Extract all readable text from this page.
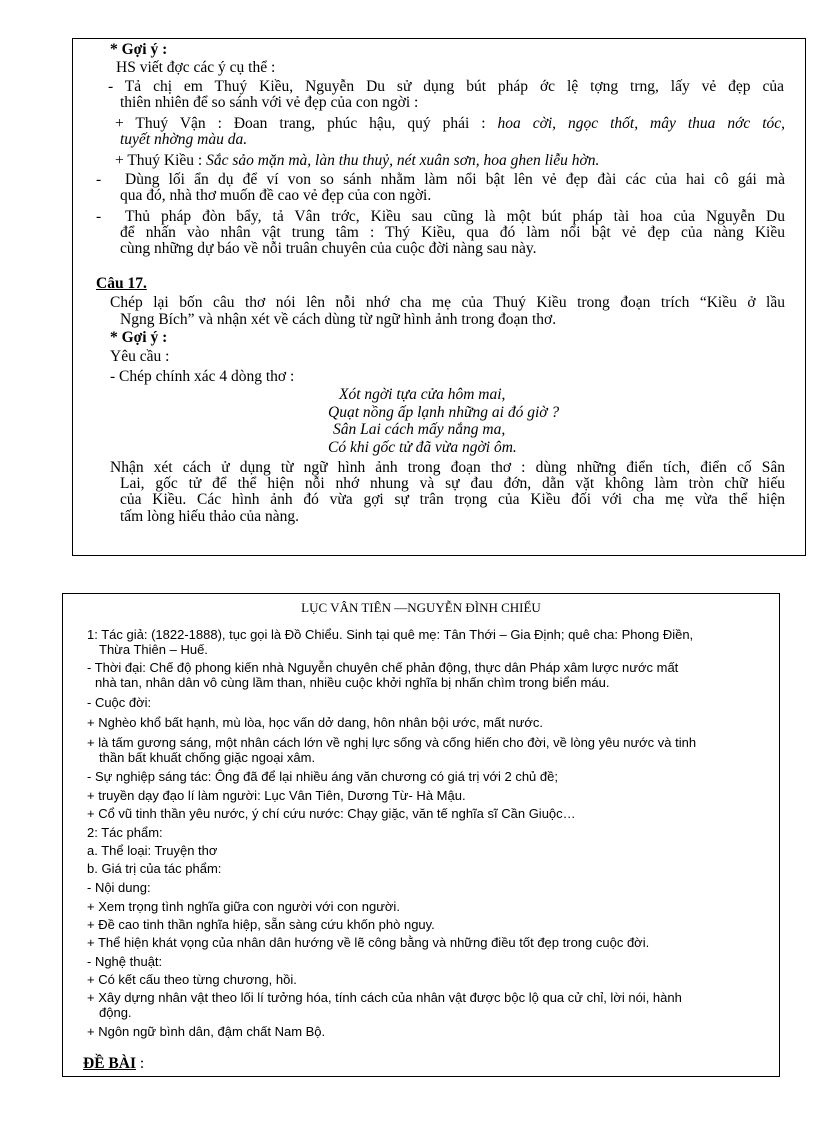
* Gợi ý :
HS viết đợc các ý cụ thể :
- Tả chị em Thuý Kiều, Nguyễn Du sử dụng bút pháp ớc lệ tợng trng, lấy vẻ đẹp của
thiên nhiên để so sánh với vẻ đẹp của con ngời :
+ Thuý Vận : Đoan trang, phúc hậu, quý phái : hoa cời, ngọc thốt, mây thua nớc tóc,
tuyết nhờng màu da.
+ Thuý Kiều : Sắc sảo mặn mà, làn thu thuỷ, nét xuân sơn, hoa ghen liễu hờn.
- Dùng lối ẩn dụ để ví von so sánh nhằm làm nổi bật lên vẻ đẹp đài các của hai cô gái mà
qua đó, nhà thơ muốn đề cao vẻ đẹp của con ngời.
- Thủ pháp đòn bẩy, tả Vân trớc, Kiều sau cũng là một bút pháp tài hoa của Nguyễn Du
để nhấn vào nhân vật trung tâm : Thý Kiều, qua đó làm nổi bật vẻ đẹp của nàng Kiều
cùng những dự báo về nỗi truân chuyên của cuộc đời nàng sau này.
Câu 17.
Chép lại bốn câu thơ nói lên nỗi nhớ cha mẹ của Thuý Kiều trong đoạn trích “Kiều ở lầu
Ngng Bích” và nhận xét về cách dùng từ ngữ hình ảnh trong đoạn thơ.
* Gợi ý :
Yêu cầu :
- Chép chính xác 4 dòng thơ :
Xót ngời tựa cửa hôm mai,
Quạt nồng ấp lạnh những ai đó giờ ?
Sân Lai cách mấy nắng ma,
Có khi gốc tử đã vừa ngời ôm.
Nhận xét cách ử dụng từ ngữ hình ảnh trong đoạn thơ : dùng những điển tích, điển cố Sân
Lai, gốc tử để thể hiện nỗi nhớ nhung và sự đau đớn, dằn vặt không làm tròn chữ hiếu
của Kiều. Các hình ảnh đó vừa gợi sự trân trọng của Kiều đối với cha mẹ vừa thể hiện
tấm lòng hiếu thảo của nàng.
LỤC VÂN TIÊN —NGUYỄN ĐÌNH CHIỂU
1: Tác giả: (1822-1888), tục gọi là Đồ Chiểu. Sinh tại quê mẹ: Tân Thới – Gia Định; quê cha: Phong Điền,
Thừa Thiên – Huế.
- Thời đại: Chế độ phong kiến nhà Nguyễn chuyên chế phản động, thực dân Pháp xâm lược nước mất
nhà tan, nhân dân vô cùng lầm than, nhiều cuộc khởi nghĩa bị nhấn chìm trong biển máu.
- Cuộc đời:
+ Nghèo khổ bất hạnh, mù lòa, học vấn dở dang, hôn nhân bội ước, mất nước.
+ là tấm gương sáng, một nhân cách lớn về nghị lực sống và cống hiến cho đời, về lòng yêu nước và tinh
thần bất khuất chống giặc ngoại xâm.
- Sự nghiệp sáng tác: Ông đã để lại nhiều áng văn chương có giá trị với 2 chủ đề;
+ truyền dạy đạo lí làm người: Lục Vân Tiên, Dương Từ- Hà Mậu.
+ Cổ vũ tinh thần yêu nước, ý chí cứu nước: Chạy giặc, văn tế nghĩa sĩ Cần Giuộc…
2: Tác phẩm:
a. Thể loại: Truyện thơ
b. Giá trị của tác phẩm:
- Nội dung:
+ Xem trọng tình nghĩa giữa con người với con người.
+ Đề cao tinh thần nghĩa hiệp, sẵn sàng cứu khốn phò nguy.
+ Thể hiện khát vọng của nhân dân hướng về lẽ công bằng và những điều tốt đẹp trong cuộc đời.
- Nghệ thuật:
+ Có kết cấu theo từng chương, hồi.
+ Xây dựng nhân vật theo lối lí tưởng hóa, tính cách của nhân vật được bộc lộ qua cử chỉ, lời nói, hành
động.
+ Ngôn ngữ bình dân, đậm chất Nam Bộ.
ĐỀ BÀI :
